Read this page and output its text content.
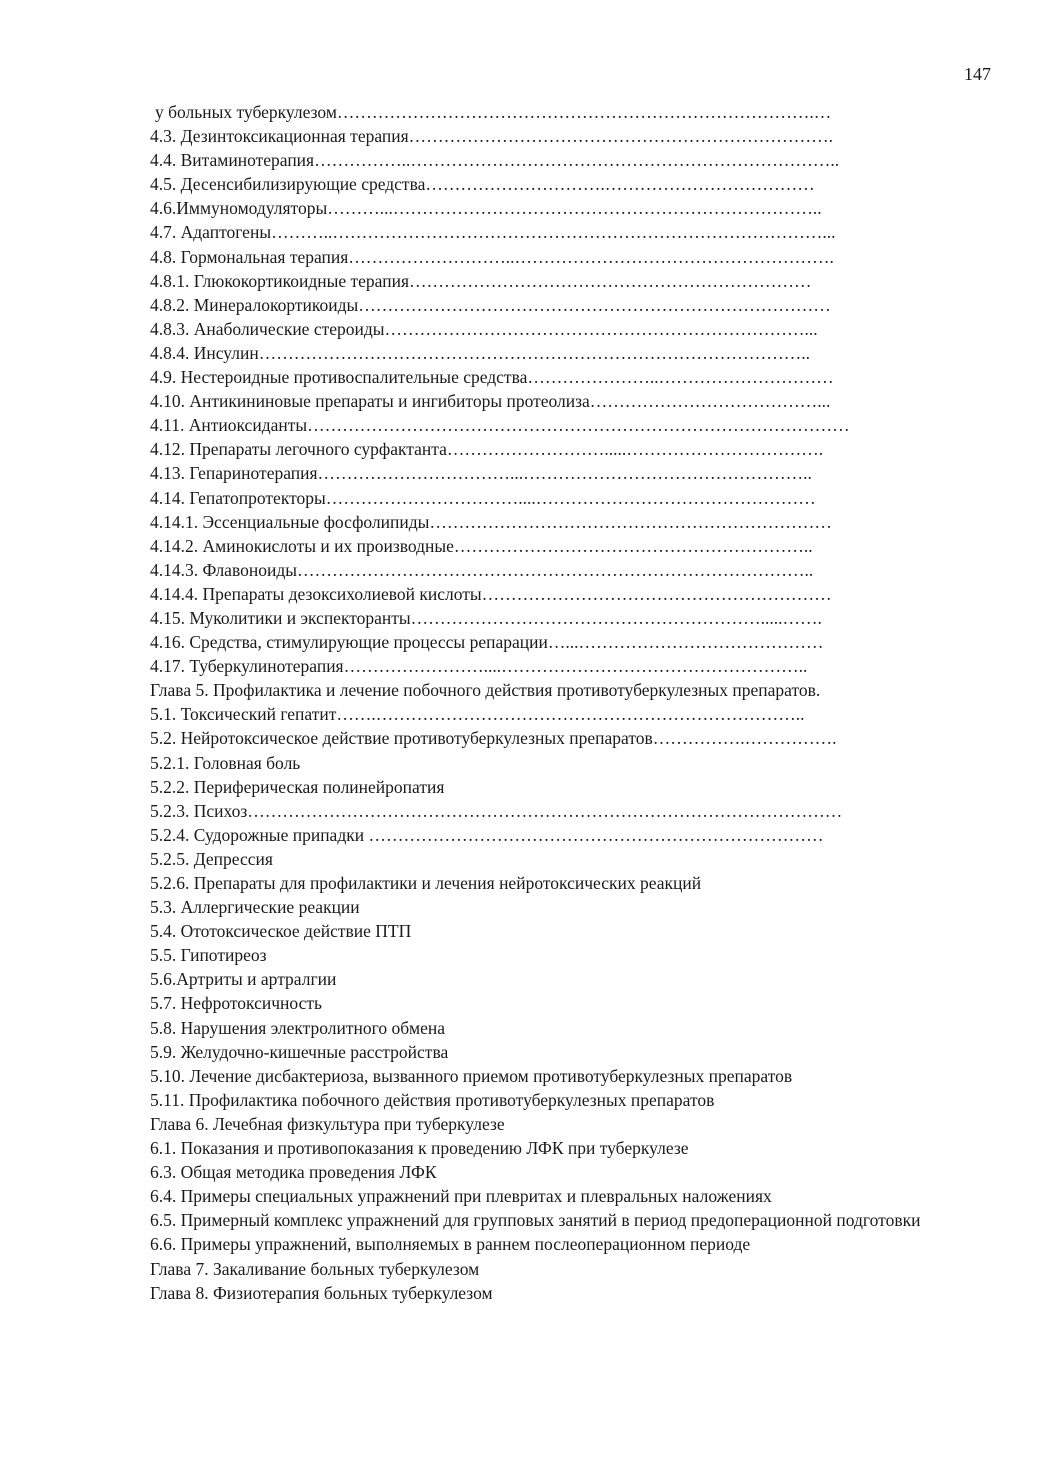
147

у больных туберкулезом……………………………………………………………………….…
4.3. Дезинтоксикационная терапия……………………………………………………………….
4.4. Витаминотерапия……………..………………………………………………………………..
4.5. Десенсибилизирующие средства………………………….………………………………
4.6.Иммуномодуляторы………...………………………………………………………………..
4.7. Адаптогены………..…………………………………………………………………………...
4.8. Гормональная терапия………………………..……………………………………………….
4.8.1. Глюкокортикоидные терапия……………………………………………………………
4.8.2. Минералокортикоиды………………………………………………………………………
4.8.3. Анаболические стероиды………………………………………………………………...
4.8.4. Инсулин…………………………………………………………………………………..
4.9. Нестероидные противоспалительные средства…………………..…………………………
4.10. Антикининовые препараты и ингибиторы протеолиза…………………………………...
4.11. Антиоксиданты…………………………………………………………………………………
4.12. Препараты легочного сурфактанта……………………….....…………………………….
4.13. Гепаринотерапия……………………………...…………………………………………..
4.14. Гепатопротекторы……………………………....…………………………………………
4.14.1. Эссенциальные фосфолипиды……………………………………………………………
4.14.2. Аминокислоты и их производные……………………………………………………..
4.14.3. Флавоноиды……………………………………………………………………………..
4.14.4. Препараты дезоксихолиевой кислоты……………………………………………………
4.15. Муколитики и экспекторанты…………………………………………………….....…….
4.16. Средства, стимулирующие процессы репарации…...……………………………………
4.17. Туберкулинотерапия……………………....……………………………………………..
Глава 5. Профилактика и лечение побочного действия противотуберкулезных препаратов.
5.1. Токсический гепатит…….………………………………………………………………..
5.2. Нейротоксическое действие противотуберкулезных препаратов…………….…………….
5.2.1. Головная боль
5.2.2. Периферическая полинейропатия
5.2.3. Психоз…………………………………………………………………………………………
5.2.4. Судорожные припадки ……………………………………………………………………
5.2.5. Депрессия
5.2.6. Препараты для профилактики и лечения нейротоксических реакций
5.3. Аллергические реакции
5.4. Ототоксическое действие ПТП
5.5. Гипотиреоз
5.6.Артриты и артралгии
5.7. Нефротоксичность
5.8. Нарушения электролитного обмена
5.9. Желудочно-кишечные расстройства
5.10. Лечение дисбактериоза, вызванного приемом противотуберкулезных препаратов
5.11. Профилактика побочного действия противотуберкулезных препаратов
Глава 6. Лечебная физкультура при туберкулезе
6.1. Показания и противопоказания к проведению ЛФК при туберкулезе
6.3. Общая методика проведения ЛФК
6.4. Примеры специальных упражнений при плевритах и плевральных наложениях
6.5. Примерный комплекс упражнений для групповых занятий в период предоперационной подготовки
6.6. Примеры упражнений, выполняемых в раннем послеоперационном периоде
Глава 7. Закаливание больных туберкулезом
Глава 8. Физиотерапия больных туберкулезом
